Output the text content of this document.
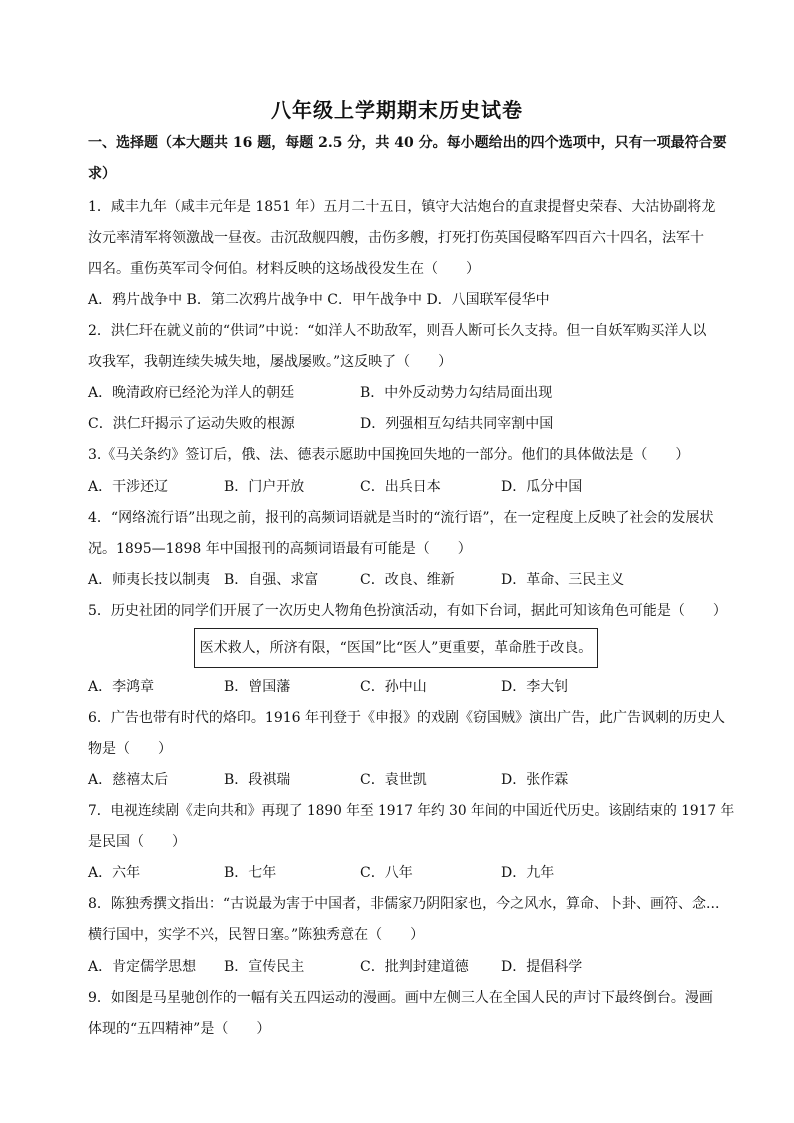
八年级上学期期末历史试卷
一、选择题（本大题共 16 题，每题 2.5 分，共 40 分。每小题给出的四个选项中，只有一项最符合要
求）
1．咸丰九年（咸丰元年是 1851 年）五月二十五日，镇守大沽炮台的直隶提督史荣春、大沽协副将龙
汝元率清军将领激战一昼夜。击沉敌舰四艘，击伤多艘，打死打伤英国侵略军四百六十四名，法军十
四名。重伤英军司令何伯。材料反映的这场战役发生在（　　）
A．鸦片战争中 B．第二次鸦片战争中 C．甲午战争中 D．八国联军侵华中
2．洪仁玕在就义前的“供词”中说：“如洋人不助敌军，则吾人断可长久支持。但一自妖军购买洋人以
攻我军，我朝连续失城失地，屡战屡败。”这反映了（　　）
A．晚清政府已经沦为洋人的朝廷	B．中外反动势力勾结局面出现
C．洪仁玕揭示了运动失败的根源	D．列强相互勾结共同宰割中国
3.《马关条约》签订后，俄、法、德表示愿助中国挽回失地的一部分。他们的具体做法是（　　）
A．干涉还辽	B．门户开放	C．出兵日本	D．瓜分中国
4．“网络流行语”出现之前，报刊的高频词语就是当时的“流行语”，在一定程度上反映了社会的发展状
况。1895—1898 年中国报刊的高频词语最有可能是（　　）
A．师夷长技以制夷 B．自强、求富	C．改良、维新	D．革命、三民主义
5．历史社团的同学们开展了一次历史人物角色扮演活动，有如下台词，据此可知该角色可能是（　　）
医术救人，所济有限，“医国”比“医人”更重要，革命胜于改良。
A．李鸿章	B．曾国藩	C．孙中山	D．李大钊
6．广告也带有时代的烙印。1916 年刊登于《申报》的戏剧《窃国贼》演出广告，此广告讽刺的历史人
物是（　　）
A．慈禧太后	B．段祺瑞	C．袁世凯	D．张作霖
7．电视连续剧《走向共和》再现了 1890 年至 1917 年约 30 年间的中国近代历史。该剧结束的 1917 年
是民国（　　）
A．六年	B．七年	C．八年	D．九年
8．陈独秀撰文指出：“古说最为害于中国者，非儒家乃阴阳家也，今之风水，算命、卜卦、画符、念...
横行国中，实学不兴，民智日塞。”陈独秀意在（　　）
A．肯定儒学思想 B．宣传民主	C．批判封建道德 D．提倡科学
9．如图是马星驰创作的一幅有关五四运动的漫画。画中左侧三人在全国人民的声讨下最终倒台。漫画
体现的“五四精神”是（　　）
